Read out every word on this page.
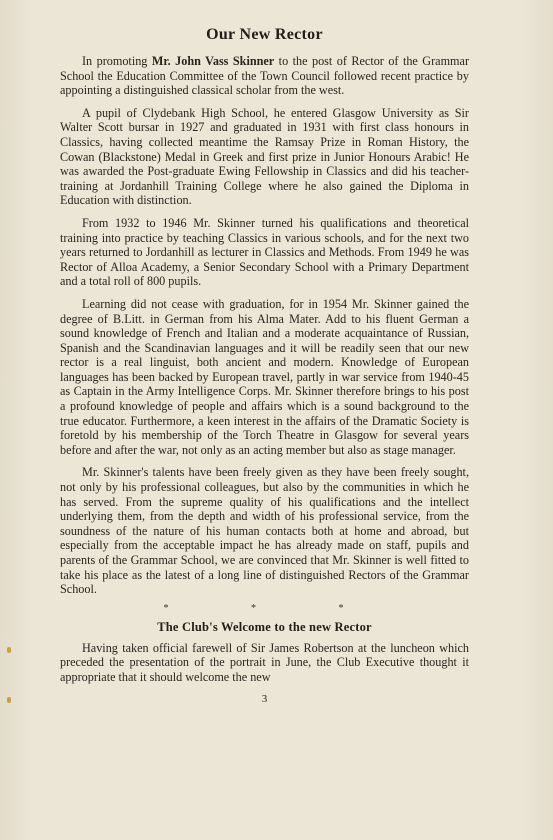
Our New Rector

In promoting Mr. John Vass Skinner to the post of Rector of the Grammar School the Education Committee of the Town Council followed recent practice by appointing a distinguished classical scholar from the west.

A pupil of Clydebank High School, he entered Glasgow University as Sir Walter Scott bursar in 1927 and graduated in 1931 with first class honours in Classics, having collected meantime the Ramsay Prize in Roman History, the Cowan (Blackstone) Medal in Greek and first prize in Junior Honours Arabic! He was awarded the Post-graduate Ewing Fellowship in Classics and did his teacher-training at Jordanhill Training College where he also gained the Diploma in Education with distinction.

From 1932 to 1946 Mr. Skinner turned his qualifications and theoretical training into practice by teaching Classics in various schools, and for the next two years returned to Jordanhill as lecturer in Classics and Methods. From 1949 he was Rector of Alloa Academy, a Senior Secondary School with a Primary Department and a total roll of 800 pupils.

Learning did not cease with graduation, for in 1954 Mr. Skinner gained the degree of B.Litt. in German from his Alma Mater. Add to his fluent German a sound knowledge of French and Italian and a moderate acquaintance of Russian, Spanish and the Scandinavian languages and it will be readily seen that our new rector is a real linguist, both ancient and modern. Knowledge of European languages has been backed by European travel, partly in war service from 1940-45 as Captain in the Army Intelligence Corps. Mr. Skinner therefore brings to his post a profound knowledge of people and affairs which is a sound background to the true educator. Furthermore, a keen interest in the affairs of the Dramatic Society is foretold by his membership of the Torch Theatre in Glasgow for several years before and after the war, not only as an acting member but also as stage manager.

Mr. Skinner's talents have been freely given as they have been freely sought, not only by his professional colleagues, but also by the communities in which he has served. From the supreme quality of his qualifications and the intellect underlying them, from the depth and width of his professional service, from the soundness of the nature of his human contacts both at home and abroad, but especially from the acceptable impact he has already made on staff, pupils and parents of the Grammar School, we are convinced that Mr. Skinner is well fitted to take his place as the latest of a long line of distinguished Rectors of the Grammar School.

* * *
The Club's Welcome to the new Rector

Having taken official farewell of Sir James Robertson at the luncheon which preceded the presentation of the portrait in June, the Club Executive thought it appropriate that it should welcome the new

3
